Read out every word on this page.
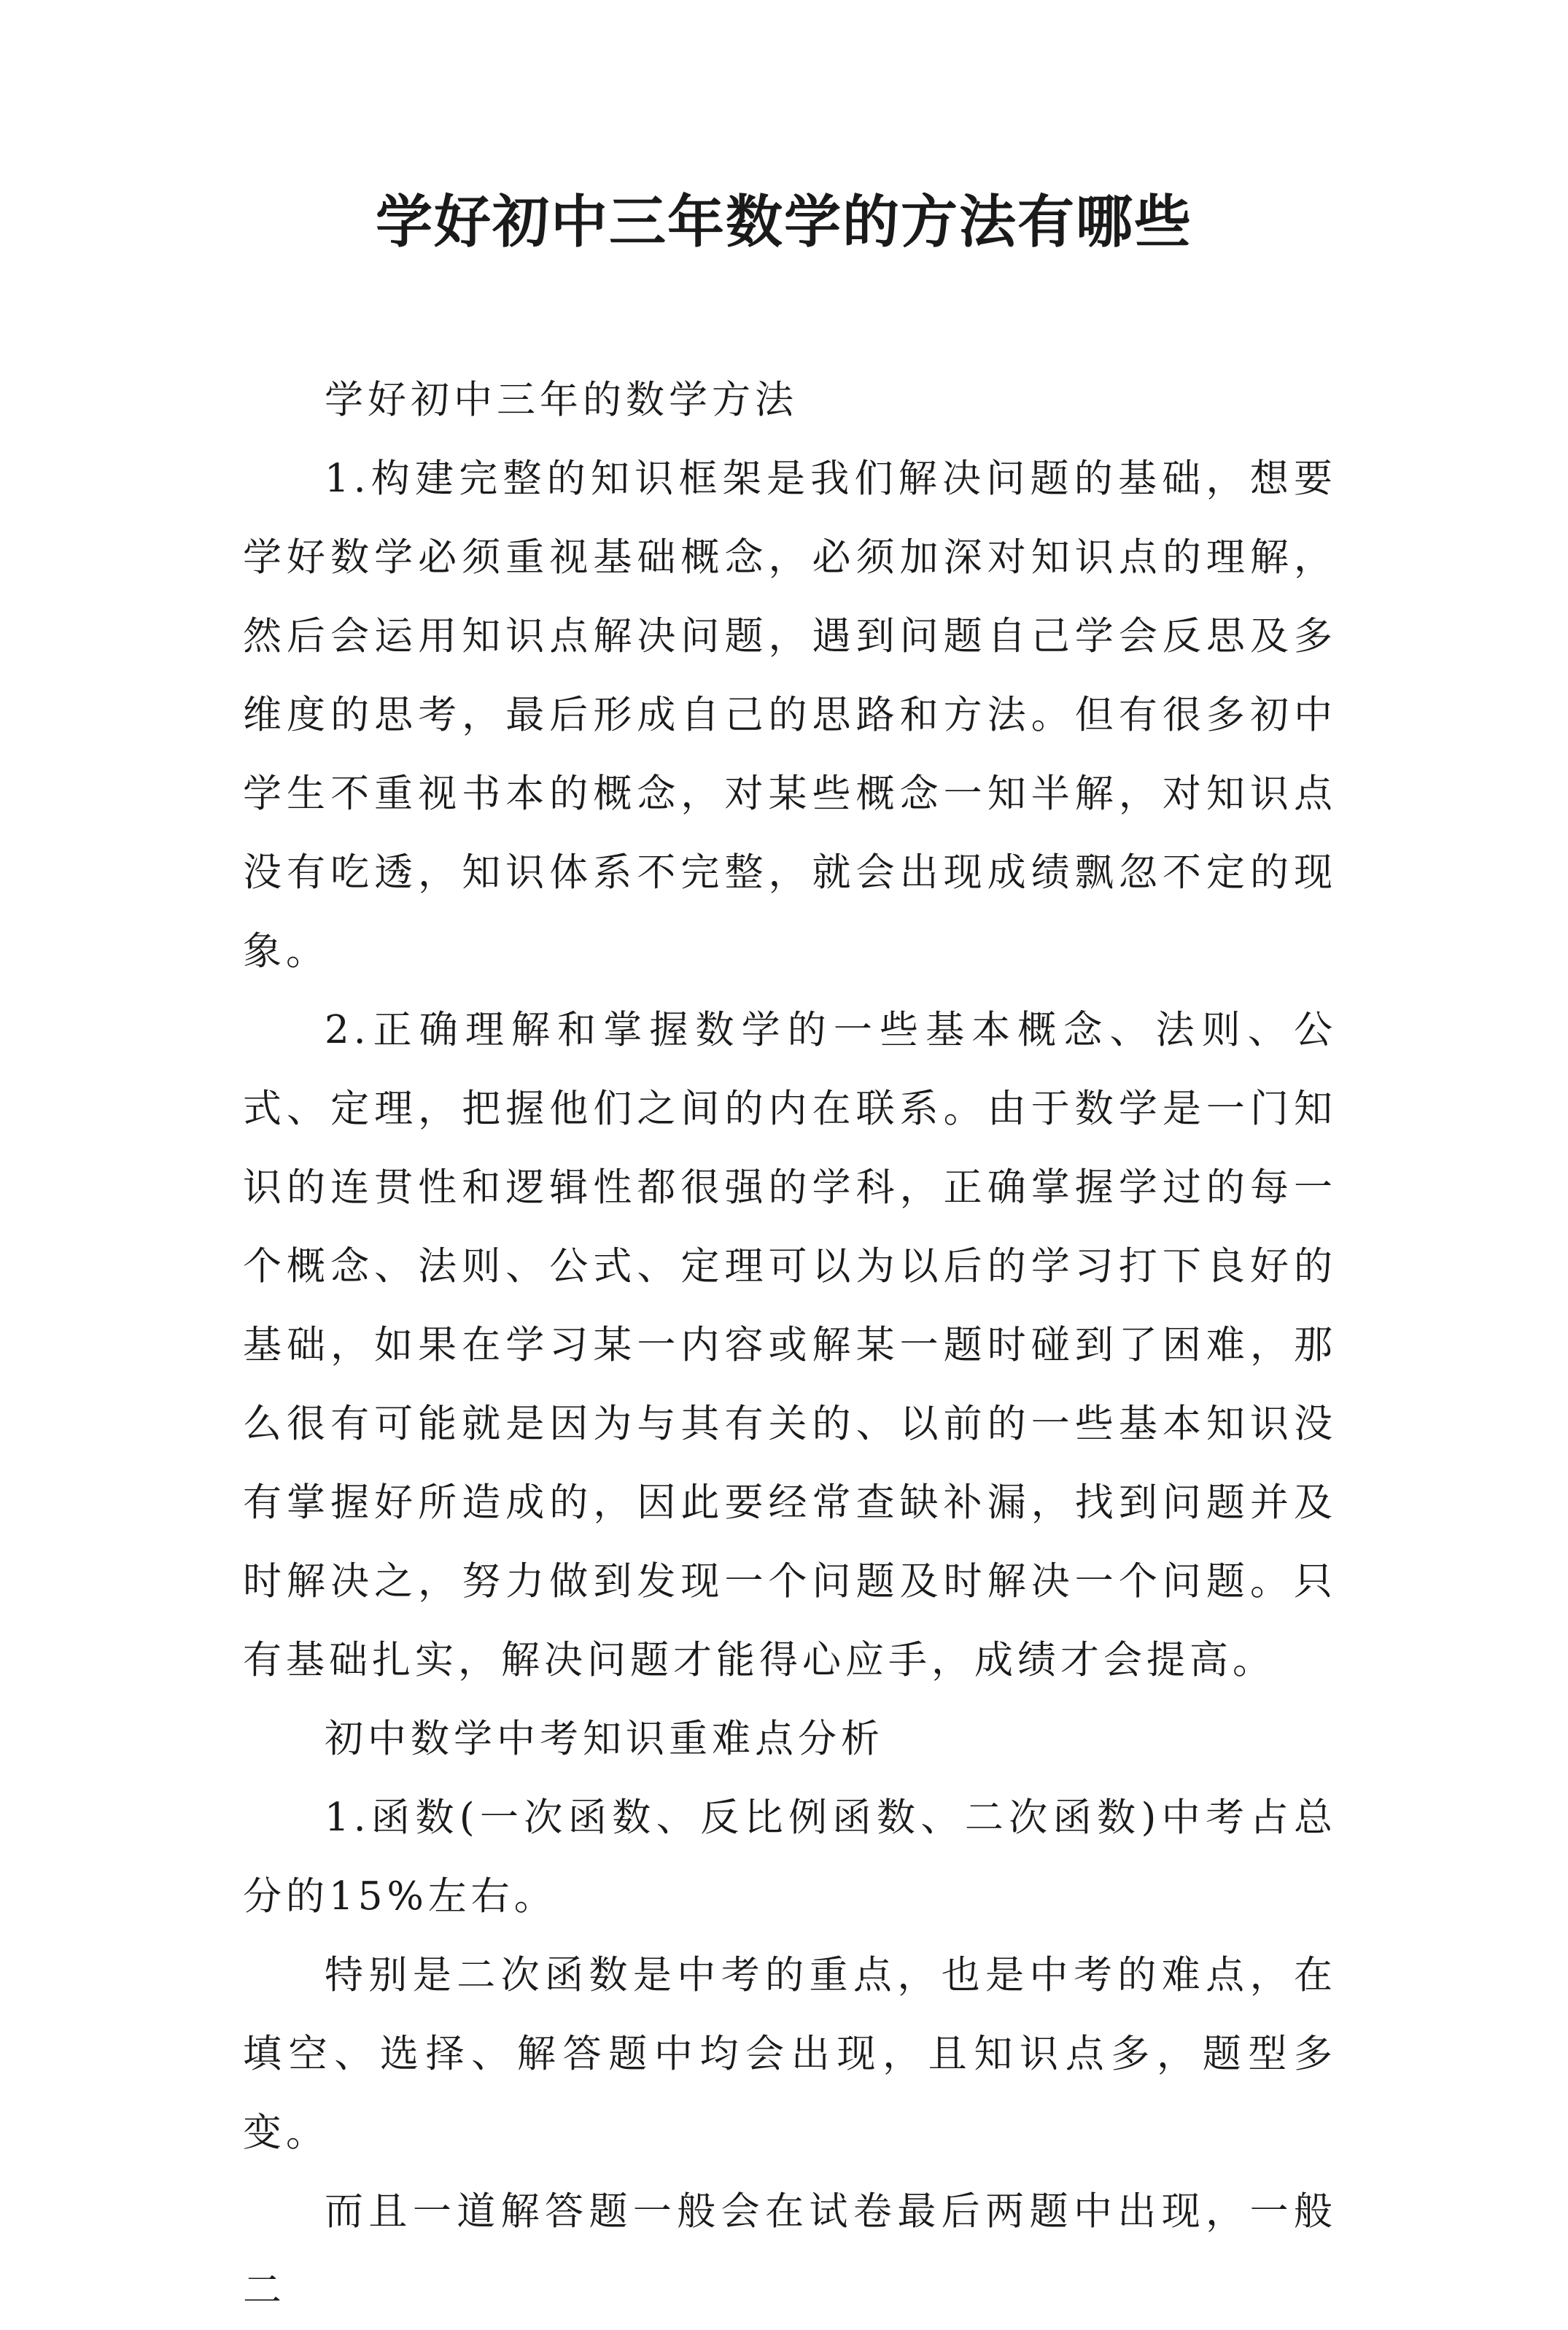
学好初中三年数学的方法有哪些

学好初中三年的数学方法

1.构建完整的知识框架是我们解决问题的基础，想要学好数学必须重视基础概念，必须加深对知识点的理解，然后会运用知识点解决问题，遇到问题自己学会反思及多维度的思考，最后形成自己的思路和方法。但有很多初中学生不重视书本的概念，对某些概念一知半解，对知识点没有吃透，知识体系不完整，就会出现成绩飘忽不定的现象。

2.正确理解和掌握数学的一些基本概念、法则、公式、定理，把握他们之间的内在联系。由于数学是一门知识的连贯性和逻辑性都很强的学科，正确掌握学过的每一个概念、法则、公式、定理可以为以后的学习打下良好的基础，如果在学习某一内容或解某一题时碰到了困难，那么很有可能就是因为与其有关的、以前的一些基本知识没有掌握好所造成的，因此要经常查缺补漏，找到问题并及时解决之，努力做到发现一个问题及时解决一个问题。只有基础扎实，解决问题才能得心应手，成绩才会提高。

初中数学中考知识重难点分析

1.函数(一次函数、反比例函数、二次函数)中考占总分的15%左右。

特别是二次函数是中考的重点，也是中考的难点，在填空、选择、解答题中均会出现，且知识点多，题型多变。

而且一道解答题一般会在试卷最后两题中出现，一般二
